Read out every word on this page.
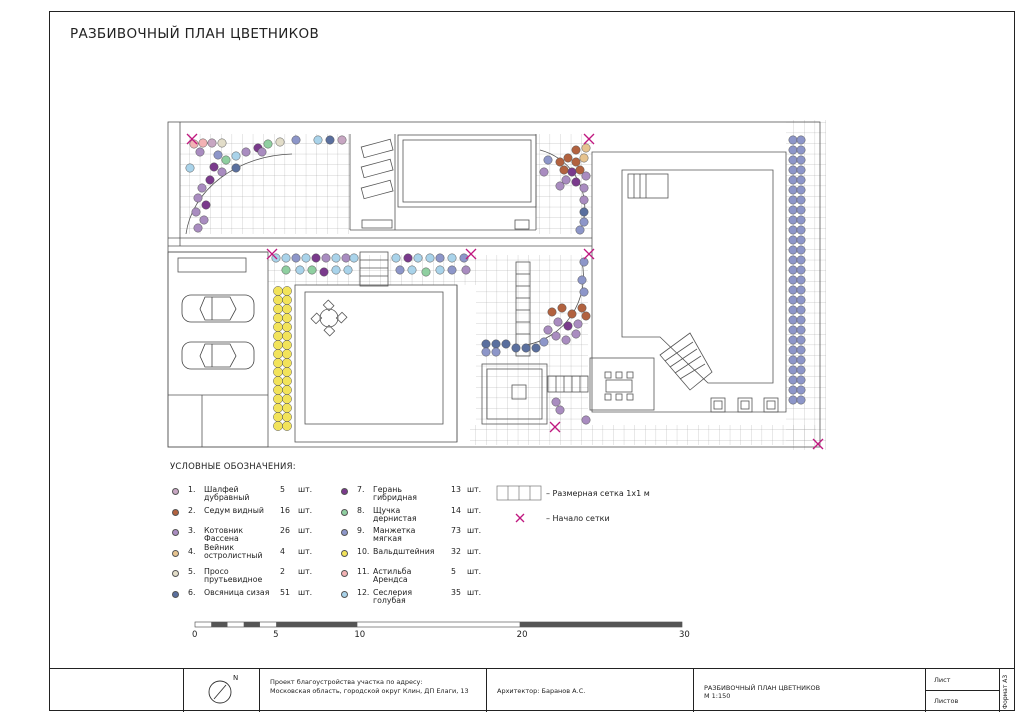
РАЗБИВОЧНЫЙ ПЛАН ЦВЕТНИКОВ
УСЛОВНЫЕ ОБОЗНАЧЕНИЯ:
1. Шалфей дубравный
5 шт.
2. Седум видный	16 шт.
3. Котовник Фассена
26 шт.
4. Вейник остролистный	4 шт.
5. Просо прутьевидное
2 шт.
6. Овсяница сизая	51 шт.
7. Герань гибридная
13 шт.
8. Щучка дернистая
14 шт.
9. Манжетка мягкая
73 шт.
10. Вальдштейния	32 шт.
11. Астильба Арендса
5 шт.
12. Сеслерия голубая
35 шт.
– Размерная сетка 1х1 м
– Начало сетки
0	5	10	20	30
N	Проект благоустройства участка по адресу:
Московская область, городской округ Клин, ДП Елаги, 13	Архитектор: Баранов А.С.	РАЗБИВОЧНЫЙ ПЛАН ЦВЕТНИКОВ
М 1:150
Лист
Листов	Формат А3
